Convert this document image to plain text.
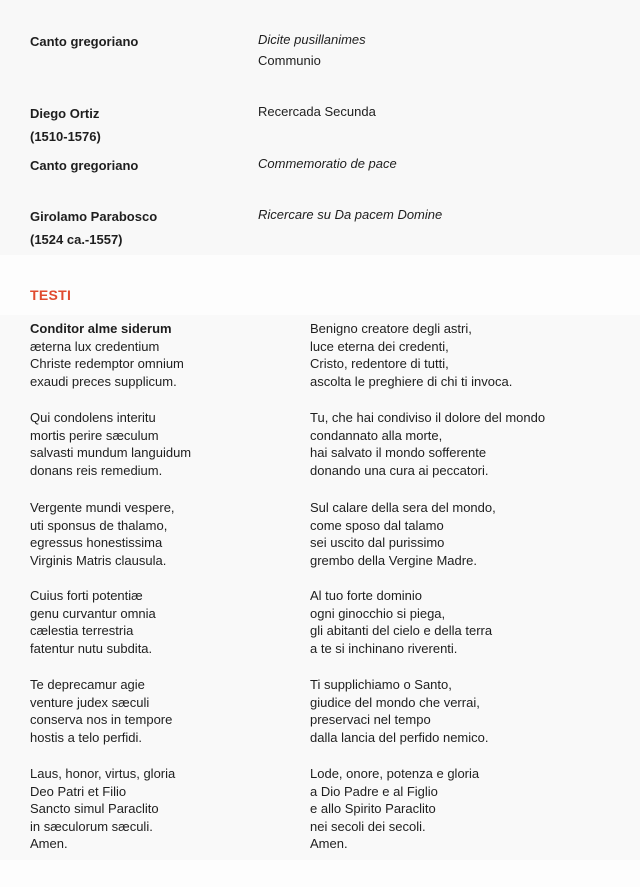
Canto gregoriano	Dicite pusillanimes
Communio
Diego Ortiz
(1510-1576)
Recercada Secunda
Canto gregoriano	Commemoratio de pace
Girolamo Parabosco
(1524 ca.-1557)
Ricercare su Da pacem Domine
TESTI
Conditor alme siderum
æterna lux credentium
Christe redemptor omnium
exaudi preces supplicum.
Qui condolens interitu
mortis perire sæculum
salvasti mundum languidum
donans reis remedium.
Vergente mundi vespere,
uti sponsus de thalamo,
egressus honestissima
Virginis Matris clausula.
Cuius forti potentiæ
genu curvantur omnia
cælestia terrestria
fatentur nutu subdita.
Te deprecamur agie
venture judex sæculi
conserva nos in tempore
hostis a telo perfidi.
Laus, honor, virtus, gloria
Deo Patri et Filio
Sancto simul Paraclito
in sæculorum sæculi.
Amen.
Benigno creatore degli astri,
luce eterna dei credenti,
Cristo, redentore di tutti,
ascolta le preghiere di chi ti invoca.
Tu, che hai condiviso il dolore del mondo
condannato alla morte,
hai salvato il mondo sofferente
donando una cura ai peccatori.
Sul calare della sera del mondo,
come sposo dal talamo
sei uscito dal purissimo
grembo della Vergine Madre.
Al tuo forte dominio
ogni ginocchio si piega,
gli abitanti del cielo e della terra
a te si inchinano riverenti.
Ti supplichiamo o Santo,
giudice del mondo che verrai,
preservaci nel tempo
dalla lancia del perfido nemico.
Lode, onore, potenza e gloria
a Dio Padre e al Figlio
e allo Spirito Paraclito
nei secoli dei secoli.
Amen.
